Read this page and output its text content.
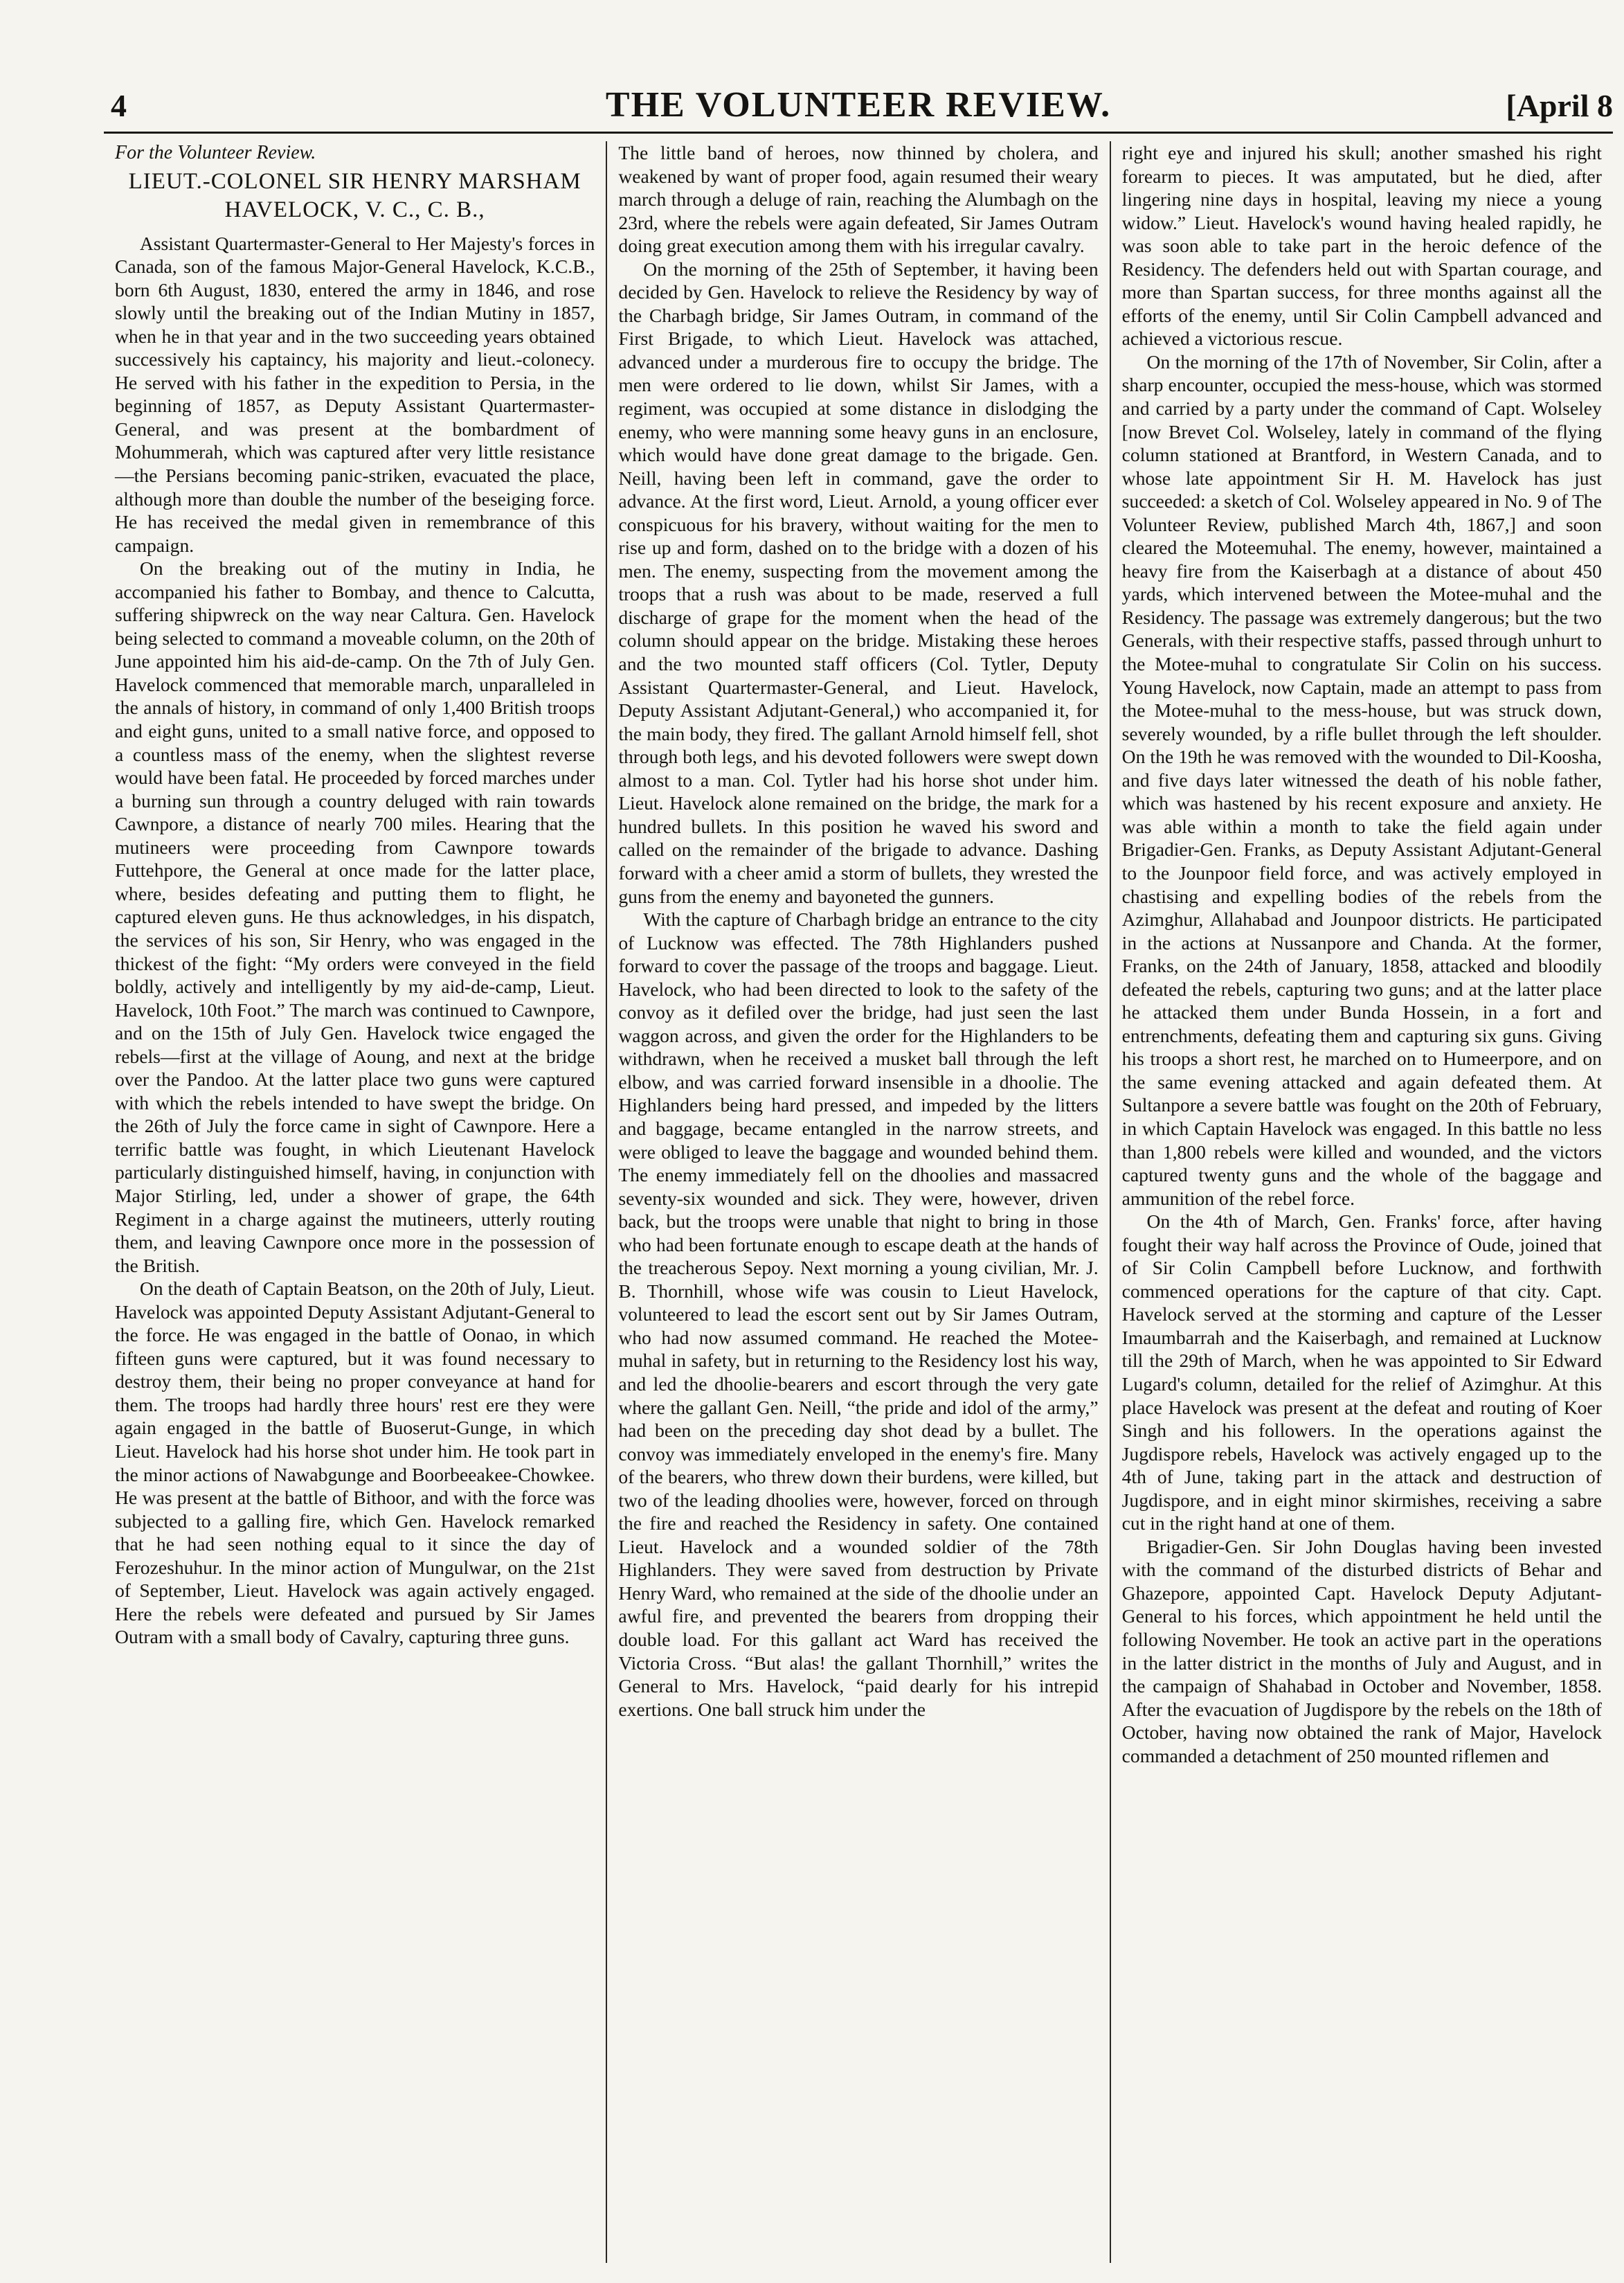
4	THE VOLUNTEER REVIEW.	[April 8

For the Volunteer Review.

LIEUT.-COLONEL SIR HENRY MARSHAM HAVELOCK, V. C., C. B.,

Assistant Quartermaster-General to Her Majesty's forces in Canada, son of the famous Major-General Havelock, K.C.B., born 6th August, 1830, entered the army in 1846, and rose slowly until the breaking out of the Indian Mutiny in 1857, when he in that year and in the two succeeding years obtained successively his captaincy, his majority and lieut.-colonecy. He served with his father in the expedition to Persia, in the beginning of 1857, as Deputy Assistant Quartermaster-General, and was present at the bombardment of Mohummerah, which was captured after very little resistance—the Persians becoming panic-striken, evacuated the place, although more than double the number of the beseiging force. He has received the medal given in remembrance of this campaign.

On the breaking out of the mutiny in India, he accompanied his father to Bombay, and thence to Calcutta, suffering shipwreck on the way near Caltura. Gen. Havelock being selected to command a moveable column, on the 20th of June appointed him his aid-de-camp. On the 7th of July Gen. Havelock commenced that memorable march, unparalleled in the annals of history, in command of only 1,400 British troops and eight guns, united to a small native force, and opposed to a countless mass of the enemy, when the slightest reverse would have been fatal. He proceeded by forced marches under a burning sun through a country deluged with rain towards Cawnpore, a distance of nearly 700 miles. Hearing that the mutineers were proceeding from Cawnpore towards Futtehpore, the General at once made for the latter place, where, besides defeating and putting them to flight, he captured eleven guns. He thus acknowledges, in his dispatch, the services of his son, Sir Henry, who was engaged in the thickest of the fight: “My orders were conveyed in the field boldly, actively and intelligently by my aid-de-camp, Lieut. Havelock, 10th Foot.” The march was continued to Cawnpore, and on the 15th of July Gen. Havelock twice engaged the rebels—first at the village of Aoung, and next at the bridge over the Pandoo. At the latter place two guns were captured with which the rebels intended to have swept the bridge. On the 26th of July the force came in sight of Cawnpore. Here a terrific battle was fought, in which Lieutenant Havelock particularly distinguished himself, having, in conjunction with Major Stirling, led, under a shower of grape, the 64th Regiment in a charge against the mutineers, utterly routing them, and leaving Cawnpore once more in the possession of the British.

On the death of Captain Beatson, on the 20th of July, Lieut. Havelock was appointed Deputy Assistant Adjutant-General to the force. He was engaged in the battle of Oonao, in which fifteen guns were captured, but it was found necessary to destroy them, their being no proper conveyance at hand for them. The troops had hardly three hours' rest ere they were again engaged in the battle of Buoserut-Gunge, in which Lieut. Havelock had his horse shot under him. He took part in the minor actions of Nawabgunge and Boorbeeakee-Chowkee. He was present at the battle of Bithoor, and with the force was subjected to a galling fire, which Gen. Havelock remarked that he had seen nothing equal to it since the day of Ferozeshuhur. In the minor action of Mungulwar, on the 21st of September, Lieut. Havelock was again actively engaged. Here the rebels were defeated and pursued by Sir James Outram with a small body of Cavalry, capturing three guns.

The little band of heroes, now thinned by cholera, and weakened by want of proper food, again resumed their weary march through a deluge of rain, reaching the Alumbagh on the 23rd, where the rebels were again defeated, Sir James Outram doing great execution among them with his irregular cavalry.

On the morning of the 25th of September, it having been decided by Gen. Havelock to relieve the Residency by way of the Charbagh bridge, Sir James Outram, in command of the First Brigade, to which Lieut. Havelock was attached, advanced under a murderous fire to occupy the bridge. The men were ordered to lie down, whilst Sir James, with a regiment, was occupied at some distance in dislodging the enemy, who were manning some heavy guns in an enclosure, which would have done great damage to the brigade. Gen. Neill, having been left in command, gave the order to advance. At the first word, Lieut. Arnold, a young officer ever conspicuous for his bravery, without waiting for the men to rise up and form, dashed on to the bridge with a dozen of his men. The enemy, suspecting from the movement among the troops that a rush was about to be made, reserved a full discharge of grape for the moment when the head of the column should appear on the bridge. Mistaking these heroes and the two mounted staff officers (Col. Tytler, Deputy Assistant Quartermaster-General, and Lieut. Havelock, Deputy Assistant Adjutant-General,) who accompanied it, for the main body, they fired. The gallant Arnold himself fell, shot through both legs, and his devoted followers were swept down almost to a man. Col. Tytler had his horse shot under him. Lieut. Havelock alone remained on the bridge, the mark for a hundred bullets. In this position he waved his sword and called on the remainder of the brigade to advance. Dashing forward with a cheer amid a storm of bullets, they wrested the guns from the enemy and bayoneted the gunners.

With the capture of Charbagh bridge an entrance to the city of Lucknow was effected. The 78th Highlanders pushed forward to cover the passage of the troops and baggage. Lieut. Havelock, who had been directed to look to the safety of the convoy as it defiled over the bridge, had just seen the last waggon across, and given the order for the Highlanders to be withdrawn, when he received a musket ball through the left elbow, and was carried forward insensible in a dhoolie. The Highlanders being hard pressed, and impeded by the litters and baggage, became entangled in the narrow streets, and were obliged to leave the baggage and wounded behind them. The enemy immediately fell on the dhoolies and massacred seventy-six wounded and sick. They were, however, driven back, but the troops were unable that night to bring in those who had been fortunate enough to escape death at the hands of the treacherous Sepoy. Next morning a young civilian, Mr. J. B. Thornhill, whose wife was cousin to Lieut Havelock, volunteered to lead the escort sent out by Sir James Outram, who had now assumed command. He reached the Motee-muhal in safety, but in returning to the Residency lost his way, and led the dhoolie-bearers and escort through the very gate where the gallant Gen. Neill, “the pride and idol of the army,” had been on the preceding day shot dead by a bullet. The convoy was immediately enveloped in the enemy's fire. Many of the bearers, who threw down their burdens, were killed, but two of the leading dhoolies were, however, forced on through the fire and reached the Residency in safety. One contained Lieut. Havelock and a wounded soldier of the 78th Highlanders. They were saved from destruction by Private Henry Ward, who remained at the side of the dhoolie under an awful fire, and prevented the bearers from dropping their double load. For this gallant act Ward has received the Victoria Cross. “But alas! the gallant Thornhill,” writes the General to Mrs. Havelock, “paid dearly for his intrepid exertions. One ball struck him under the

right eye and injured his skull; another smashed his right forearm to pieces. It was amputated, but he died, after lingering nine days in hospital, leaving my niece a young widow.” Lieut. Havelock's wound having healed rapidly, he was soon able to take part in the heroic defence of the Residency. The defenders held out with Spartan courage, and more than Spartan success, for three months against all the efforts of the enemy, until Sir Colin Campbell advanced and achieved a victorious rescue.

On the morning of the 17th of November, Sir Colin, after a sharp encounter, occupied the mess-house, which was stormed and carried by a party under the command of Capt. Wolseley [now Brevet Col. Wolseley, lately in command of the flying column stationed at Brantford, in Western Canada, and to whose late appointment Sir H. M. Havelock has just succeeded: a sketch of Col. Wolseley appeared in No. 9 of The Volunteer Review, published March 4th, 1867,] and soon cleared the Moteemuhal. The enemy, however, maintained a heavy fire from the Kaiserbagh at a distance of about 450 yards, which intervened between the Motee-muhal and the Residency. The passage was extremely dangerous; but the two Generals, with their respective staffs, passed through unhurt to the Motee-muhal to congratulate Sir Colin on his success. Young Havelock, now Captain, made an attempt to pass from the Motee-muhal to the mess-house, but was struck down, severely wounded, by a rifle bullet through the left shoulder. On the 19th he was removed with the wounded to Dil-Koosha, and five days later witnessed the death of his noble father, which was hastened by his recent exposure and anxiety. He was able within a month to take the field again under Brigadier-Gen. Franks, as Deputy Assistant Adjutant-General to the Jounpoor field force, and was actively employed in chastising and expelling bodies of the rebels from the Azimghur, Allahabad and Jounpoor districts. He participated in the actions at Nussanpore and Chanda. At the former, Franks, on the 24th of January, 1858, attacked and bloodily defeated the rebels, capturing two guns; and at the latter place he attacked them under Bunda Hossein, in a fort and entrenchments, defeating them and capturing six guns. Giving his troops a short rest, he marched on to Humeerpore, and on the same evening attacked and again defeated them. At Sultanpore a severe battle was fought on the 20th of February, in which Captain Havelock was engaged. In this battle no less than 1,800 rebels were killed and wounded, and the victors captured twenty guns and the whole of the baggage and ammunition of the rebel force.

On the 4th of March, Gen. Franks' force, after having fought their way half across the Province of Oude, joined that of Sir Colin Campbell before Lucknow, and forthwith commenced operations for the capture of that city. Capt. Havelock served at the storming and capture of the Lesser Imaumbarrah and the Kaiserbagh, and remained at Lucknow till the 29th of March, when he was appointed to Sir Edward Lugard's column, detailed for the relief of Azimghur. At this place Havelock was present at the defeat and routing of Koer Singh and his followers. In the operations against the Jugdispore rebels, Havelock was actively engaged up to the 4th of June, taking part in the attack and destruction of Jugdispore, and in eight minor skirmishes, receiving a sabre cut in the right hand at one of them.

Brigadier-Gen. Sir John Douglas having been invested with the command of the disturbed districts of Behar and Ghazepore, appointed Capt. Havelock Deputy Adjutant-General to his forces, which appointment he held until the following November. He took an active part in the operations in the latter district in the months of July and August, and in the campaign of Shahabad in October and November, 1858. After the evacuation of Jugdispore by the rebels on the 18th of October, having now obtained the rank of Major, Havelock commanded a detachment of 250 mounted riflemen and
